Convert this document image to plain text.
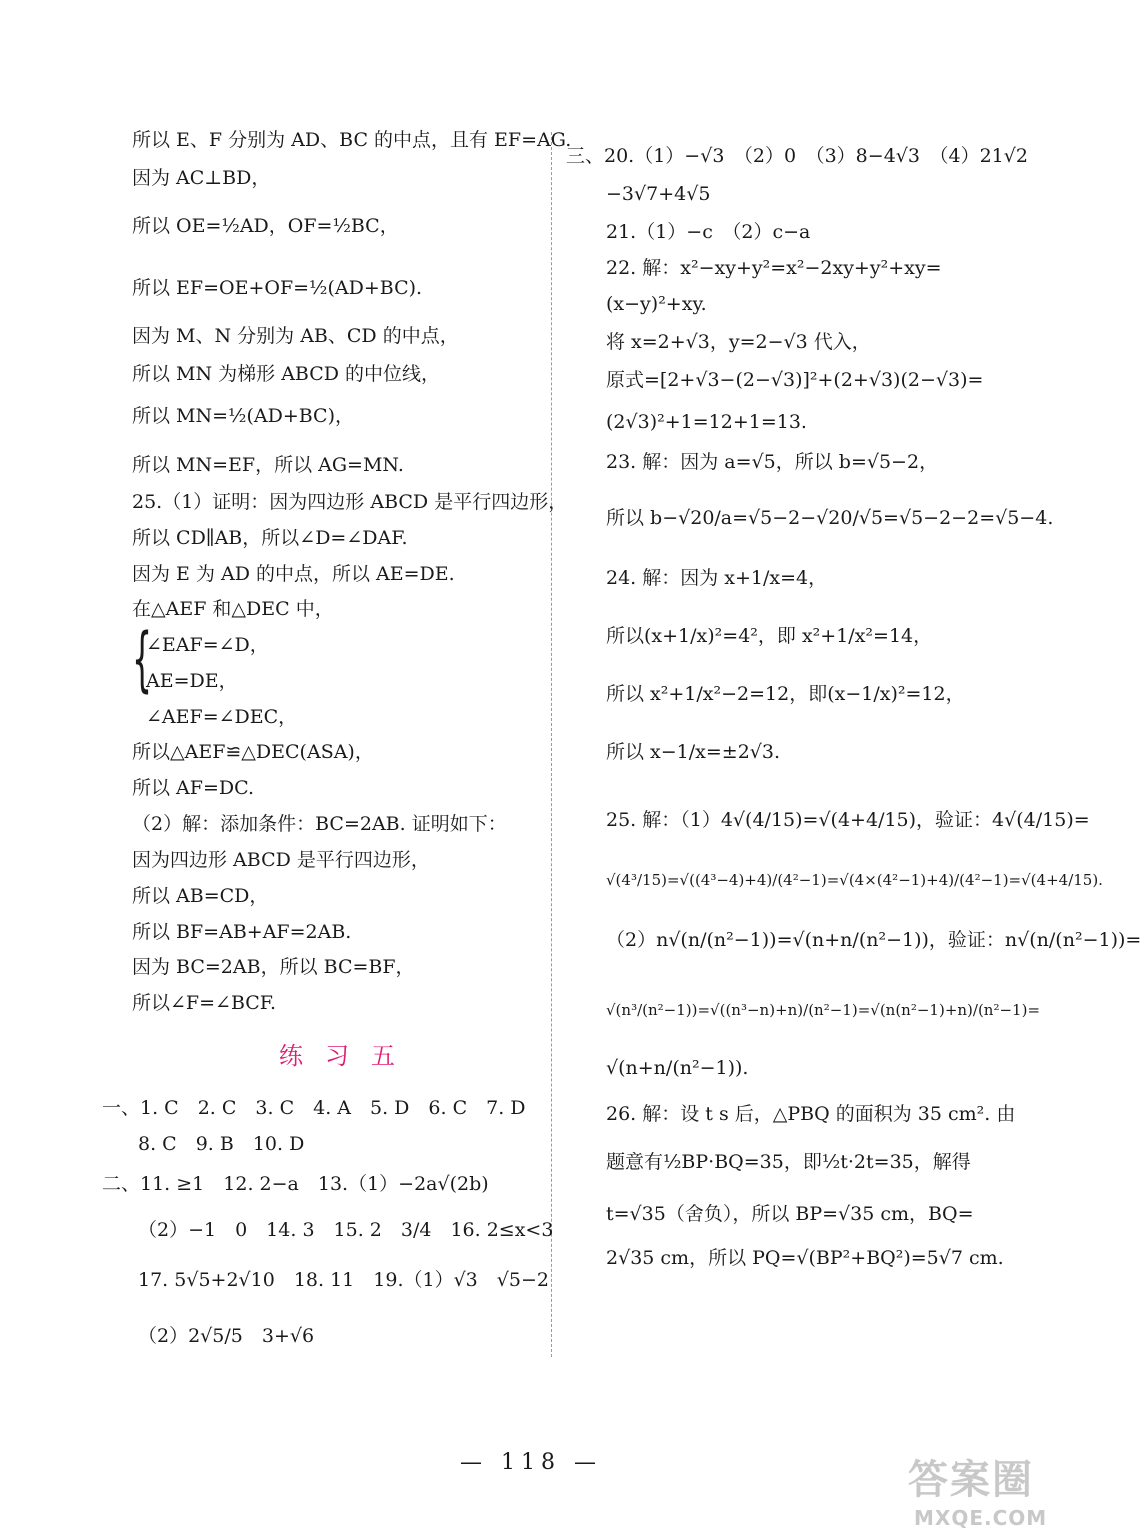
所以 E、F 分别为 AD、BC 的中点，且有 EF=AG.
因为 AC⊥BD，
所以 OE=½AD，OF=½BC，
所以 EF=OE+OF=½(AD+BC).
因为 M、N 分别为 AB、CD 的中点，
所以 MN 为梯形 ABCD 的中位线，
所以 MN=½(AD+BC)，
所以 MN=EF，所以 AG=MN.
25.（1）证明：因为四边形 ABCD 是平行四边形，
所以 CD∥AB，所以∠D=∠DAF.
因为 E 为 AD 的中点，所以 AE=DE.
在△AEF 和△DEC 中，
{
∠EAF=∠D，
AE=DE，
∠AEF=∠DEC，
所以△AEF≌△DEC(ASA)，
所以 AF=DC.
（2）解：添加条件：BC=2AB. 证明如下：
因为四边形 ABCD 是平行四边形，
所以 AB=CD，
所以 BF=AB+AF=2AB.
因为 BC=2AB，所以 BC=BF，
所以∠F=∠BCF.
练习五
一、1. C　2. C　3. C　4. A　5. D　6. C　7. D
8. C　9. B　10. D
二、11. ≥1　12. 2−a　13.（1）−2a√(2b)
（2）−1　0　14. 3　15. 2　3/4　16. 2≤x<3
17. 5√5+2√10　18. 11　19.（1）√3　√5−2
（2）2√5/5　3+√6
三、20.（1）−√3　（2）0　（3）8−4√3　（4）21√2
−3√7+4√5
21.（1）−c　（2）c−a
22. 解：x²−xy+y²=x²−2xy+y²+xy=
(x−y)²+xy.
将 x=2+√3，y=2−√3 代入，
原式=[2+√3−(2−√3)]²+(2+√3)(2−√3)=
(2√3)²+1=12+1=13.
23. 解：因为 a=√5，所以 b=√5−2，
所以 b−√20/a=√5−2−√20/√5=√5−2−2=√5−4.
24. 解：因为 x+1/x=4，
所以(x+1/x)²=4²，即 x²+1/x²=14，
所以 x²+1/x²−2=12，即(x−1/x)²=12，
所以 x−1/x=±2√3.
25. 解：（1）4√(4/15)=√(4+4/15)，验证：4√(4/15)=
√(4³/15)=√((4³−4)+4)/(4²−1)=√(4×(4²−1)+4)/(4²−1)=√(4+4/15).
（2）n√(n/(n²−1))=√(n+n/(n²−1))，验证：n√(n/(n²−1))=
√(n³/(n²−1))=√((n³−n)+n)/(n²−1)=√(n(n²−1)+n)/(n²−1)=
√(n+n/(n²−1)).
26. 解：设 t s 后，△PBQ 的面积为 35 cm². 由
题意有½BP·BQ=35，即½t·2t=35，解得
t=√35（舍负），所以 BP=√35 cm，BQ=
2√35 cm，所以 PQ=√(BP²+BQ²)=5√7 cm.
— 118 —	答案圈
MXQE.COM
